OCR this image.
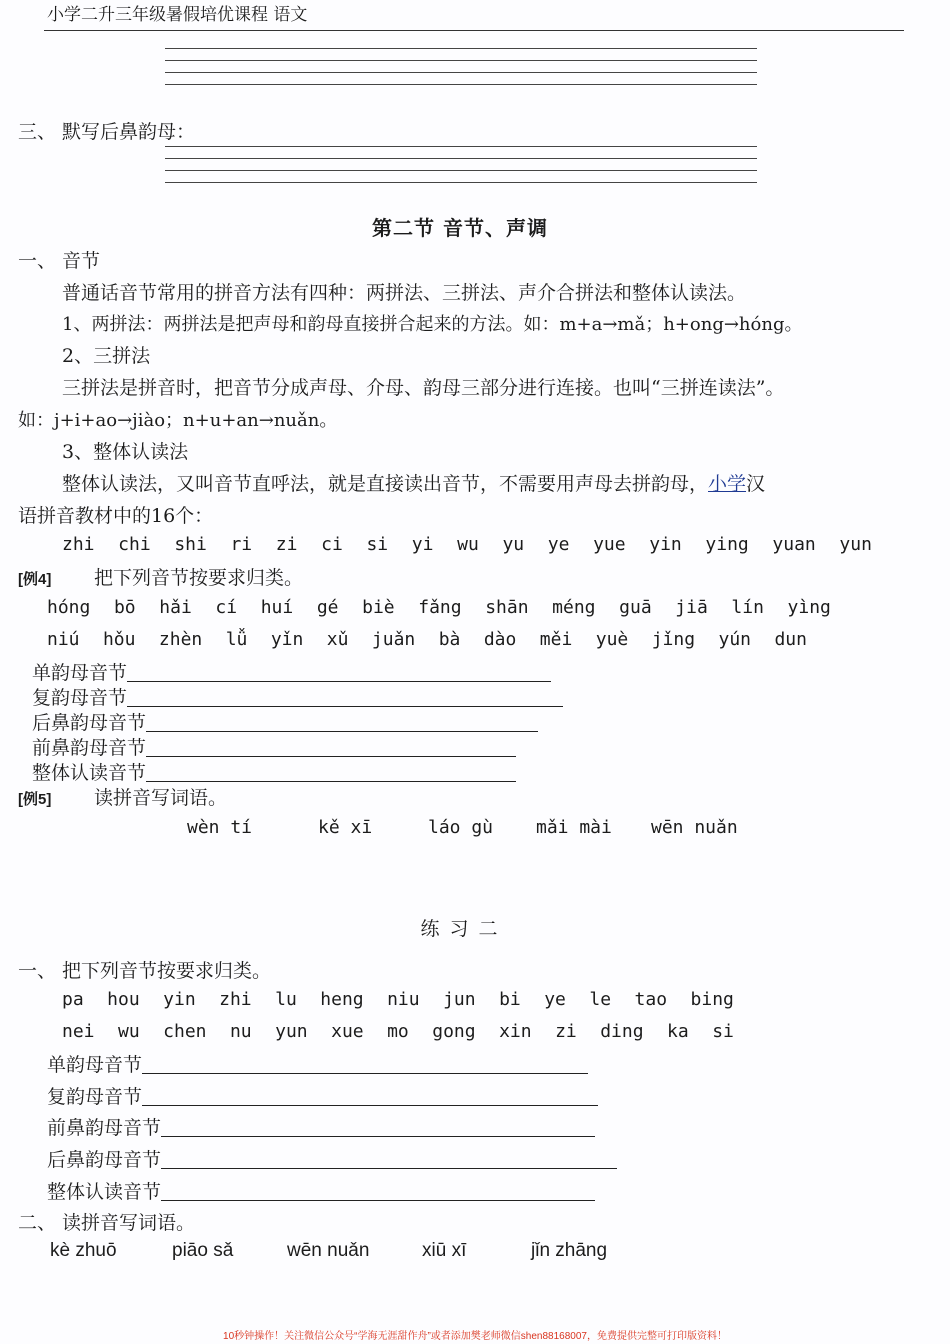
小学二升三年级暑假培优课程 语文
三、 默写后鼻韵母：
第二节 音节、声调
一、 音节
普通话音节常用的拼音方法有四种：两拼法、三拼法、声介合拼法和整体认读法。
1、两拼法：两拼法是把声母和韵母直接拼合起来的方法。如：m+a→mǎ；h+ong→hóng。
2、三拼法
三拼法是拼音时，把音节分成声母、介母、韵母三部分进行连接。也叫“三拼连读法”。
如：j+i+ao→jiào；n+u+an→nuǎn。
3、整体认读法
整体认读法，又叫音节直呼法，就是直接读出音节，不需要用声母去拼韵母，小学汉
语拼音教材中的16个：
zhi chi shi ri zi ci si yi wu yu ye yue yin ying yuan yun
[例4] 把下列音节按要求归类。
hóng bō hǎi cí huí gé biè fǎng shān méng guā jiā lín yìng
niú hǒu zhèn lǚ yǐn xǔ juǎn bà dào měi yuè jǐng yún dun
单韵母音节
复韵母音节
后鼻韵母音节
前鼻韵母音节
整体认读音节
[例5] 读拼音写词语。
wèn tí	kě xī	láo gù mǎi mài wēn nuǎn
练 习 二
一、 把下列音节按要求归类。
pa hou yin zhi lu heng niu jun bi ye le tao bing
nei wu chen nu yun xue mo gong xin zi ding ka si
单韵母音节
复韵母音节
前鼻韵母音节
后鼻韵母音节
整体认读音节
二、 读拼音写词语。
kè zhuō	piāo sǎ	wēn nuǎn	xiū xī	jǐn zhāng
10秒钟操作！关注微信公众号“学海无涯甜作舟”或者添加樊老师微信shen88168007，免费提供完整可打印版资料！
